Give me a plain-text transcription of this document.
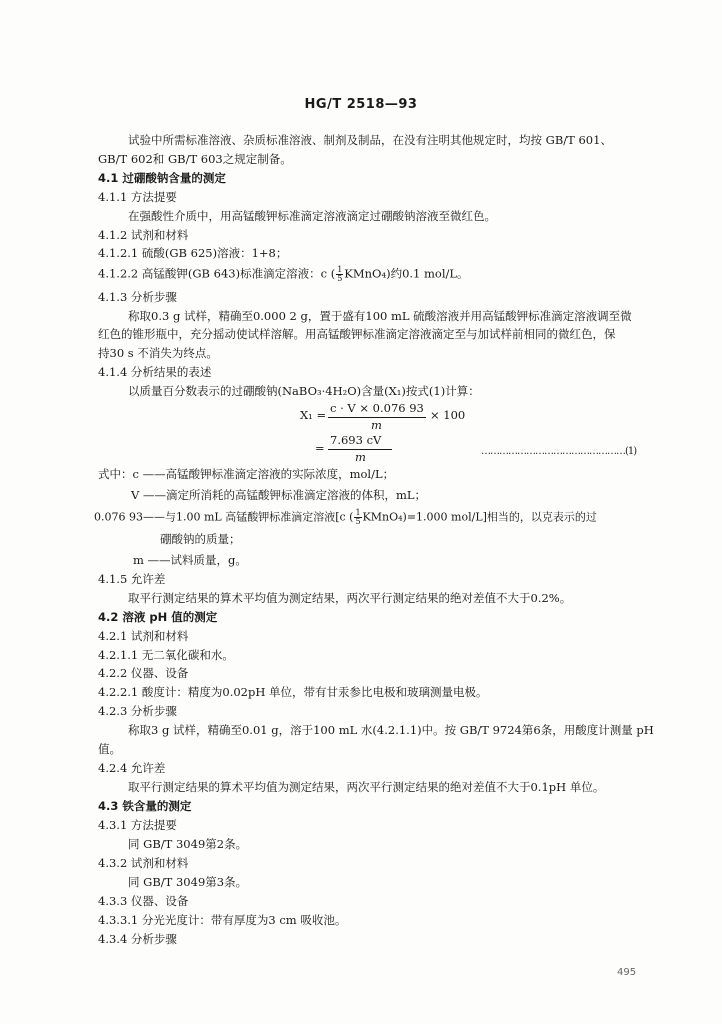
HG/T 2518—93
试验中所需标准溶液、杂质标准溶液、制剂及制品，在没有注明其他规定时，均按 GB/T 601、
GB/T 602和 GB/T 603之规定制备。
4.1 过硼酸钠含量的测定
4.1.1 方法提要
在强酸性介质中，用高锰酸钾标准滴定溶液滴定过硼酸钠溶液至微红色。
4.1.2 试剂和材料
4.1.2.1 硫酸(GB 625)溶液：1+8；
4.1.2.2 高锰酸钾(GB 643)标准滴定溶液：c ( $\frac{1}{5}$ KMnO₄)约0.1 mol/L。
4.1.3 分析步骤
称取0.3 g 试样，精确至0.000 2 g，置于盛有100 mL 硫酸溶液并用高锰酸钾标准滴定溶液调至微
红色的锥形瓶中，充分摇动使试样溶解。用高锰酸钾标准滴定溶液滴定至与加试样前相同的微红色，保
持30 s 不消失为终点。
4.1.4 分析结果的表述
以质量百分数表示的过硼酸钠(NaBO₃·4H₂O)含量(X₁)按式(1)计算：
X₁ = c · V × 0.076 93
m
× 100
=
7.693 cV
m	…………………………………………(1)
式中：c ——高锰酸钾标准滴定溶液的实际浓度，mol/L；
V ——滴定所消耗的高锰酸钾标准滴定溶液的体积，mL；
0.076 93——与1.00 mL 高锰酸钾标准滴定溶液[c ( $\frac{1}{5}$ KMnO₄)=1.000 mol/L]相当的，以克表示的过
硼酸钠的质量；
m ——试料质量，g。
4.1.5 允许差
取平行测定结果的算术平均值为测定结果，两次平行测定结果的绝对差值不大于0.2%。
4.2 溶液 pH 值的测定
4.2.1 试剂和材料
4.2.1.1 无二氧化碳和水。
4.2.2 仪器、设备
4.2.2.1 酸度计：精度为0.02pH 单位，带有甘汞参比电极和玻璃测量电极。
4.2.3 分析步骤
称取3 g 试样，精确至0.01 g，溶于100 mL 水(4.2.1.1)中。按 GB/T 9724第6条，用酸度计测量 pH
值。
4.2.4 允许差
取平行测定结果的算术平均值为测定结果，两次平行测定结果的绝对差值不大于0.1pH 单位。
4.3 铁含量的测定
4.3.1 方法提要
同 GB/T 3049第2条。
4.3.2 试剂和材料
同 GB/T 3049第3条。
4.3.3 仪器、设备
4.3.3.1 分光光度计：带有厚度为3 cm 吸收池。
4.3.4 分析步骤
495
